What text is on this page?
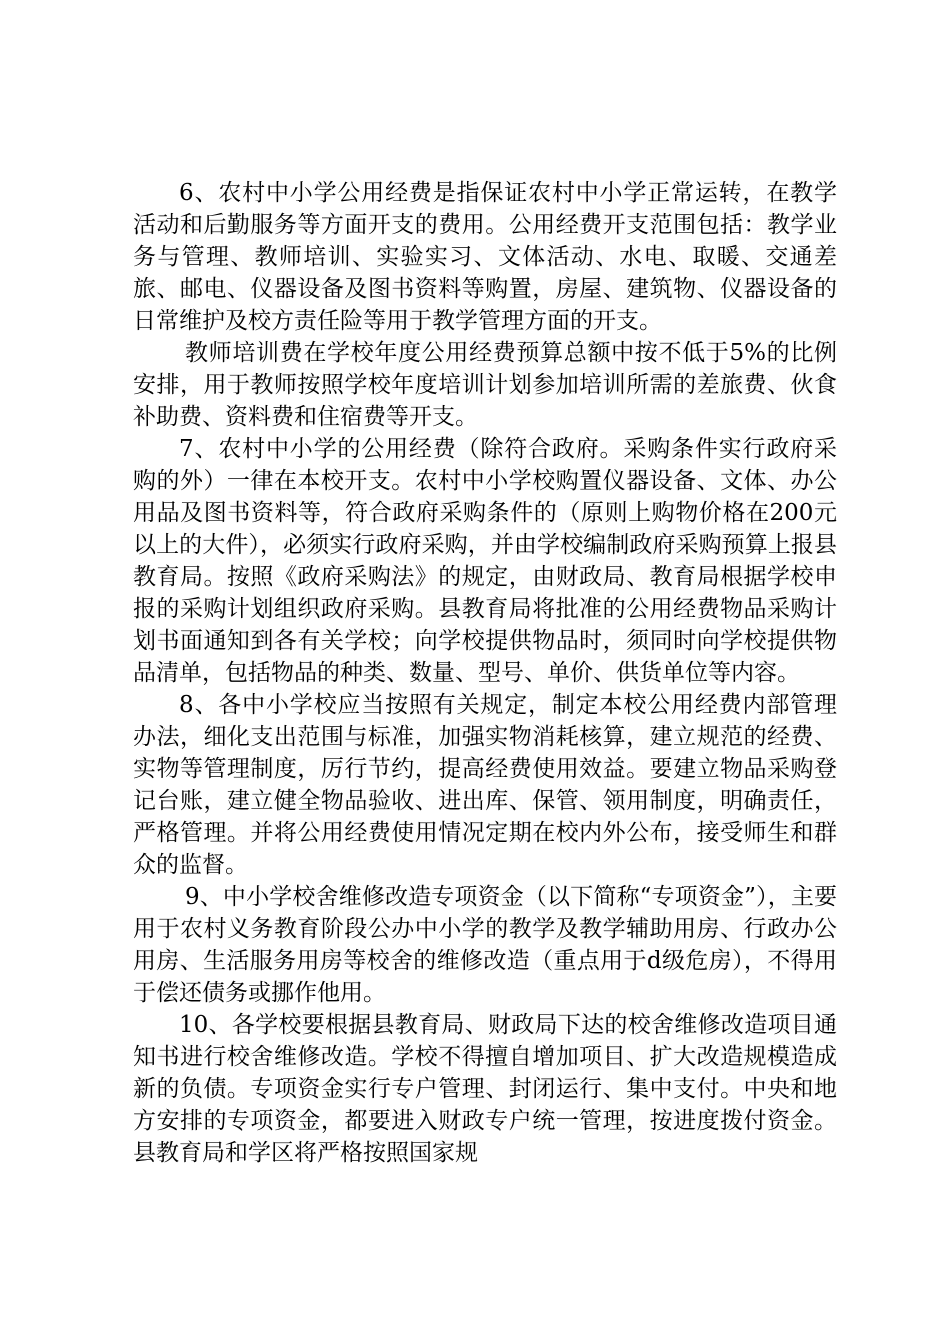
6、农村中小学公用经费是指保证农村中小学正常运转，在教学活动和后勤服务等方面开支的费用。公用经费开支范围包括：教学业务与管理、教师培训、实验实习、文体活动、水电、取暖、交通差旅、邮电、仪器设备及图书资料等购置，房屋、建筑物、仪器设备的日常维护及校方责任险等用于教学管理方面的开支。

教师培训费在学校年度公用经费预算总额中按不低于5%的比例安排，用于教师按照学校年度培训计划参加培训所需的差旅费、伙食补助费、资料费和住宿费等开支。

7、农村中小学的公用经费（除符合政府。采购条件实行政府采购的外）一律在本校开支。农村中小学校购置仪器设备、文体、办公用品及图书资料等，符合政府采购条件的（原则上购物价格在200元以上的大件），必须实行政府采购，并由学校编制政府采购预算上报县教育局。按照《政府采购法》的规定，由财政局、教育局根据学校申报的采购计划组织政府采购。县教育局将批准的公用经费物品采购计划书面通知到各有关学校；向学校提供物品时，须同时向学校提供物品清单，包括物品的种类、数量、型号、单价、供货单位等内容。

8、各中小学校应当按照有关规定，制定本校公用经费内部管理办法，细化支出范围与标准，加强实物消耗核算，建立规范的经费、实物等管理制度，厉行节约，提高经费使用效益。要建立物品采购登记台账，建立健全物品验收、进出库、保管、领用制度，明确责任，严格管理。并将公用经费使用情况定期在校内外公布，接受师生和群众的监督。

9、中小学校舍维修改造专项资金（以下简称“专项资金”），主要用于农村义务教育阶段公办中小学的教学及教学辅助用房、行政办公用房、生活服务用房等校舍的维修改造（重点用于d级危房），不得用于偿还债务或挪作他用。

10、各学校要根据县教育局、财政局下达的校舍维修改造项目通知书进行校舍维修改造。学校不得擅自增加项目、扩大改造规模造成新的负债。专项资金实行专户管理、封闭运行、集中支付。中央和地方安排的专项资金，都要进入财政专户统一管理，按进度拨付资金。县教育局和学区将严格按照国家规
